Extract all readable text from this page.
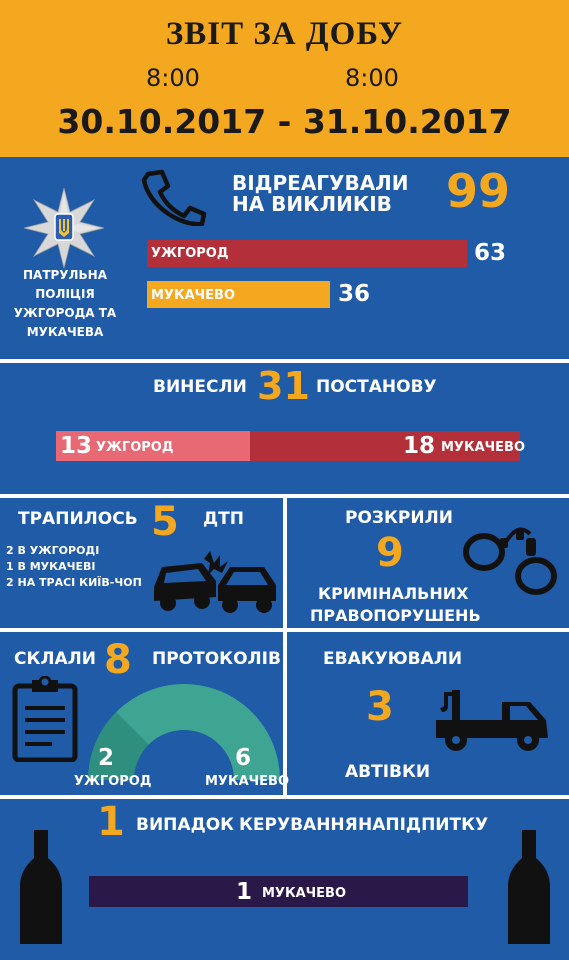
ЗВІТ ЗА ДОБУ
8:00	8:00
30.10.2017 - 31.10.2017
ПАТРУЛЬНА ПОЛІЦІЯ УЖГОРОДА ТА МУКАЧЕВА
ВІДРЕАГУВАЛИ НА ВИКЛИКІВ	99
УЖГОРОД	63
МУКАЧЕВО	36
ВИНЕСЛИ 31 ПОСТАНОВУ
13 УЖГОРОД	18 МУКАЧЕВО
ТРАПИЛОСЬ 5 ДТП
2 В УЖГОРОДІ
1 В МУКАЧЕВІ
2 НА ТРАСІ КИЇВ-ЧОП
РОЗКРИЛИ
9
КРИМІНАЛЬНИХ
ПРАВОПОРУШЕНЬ
СКЛАЛИ 8 ПРОТОКОЛІВ
2	6
УЖГОРОД	МУКАЧЕВО
ЕВАКУЮВАЛИ
3
АВТІВКИ
1 ВИПАДОК КЕРУВАННЯ НАПІДПИТКУ
1 МУКАЧЕВО
